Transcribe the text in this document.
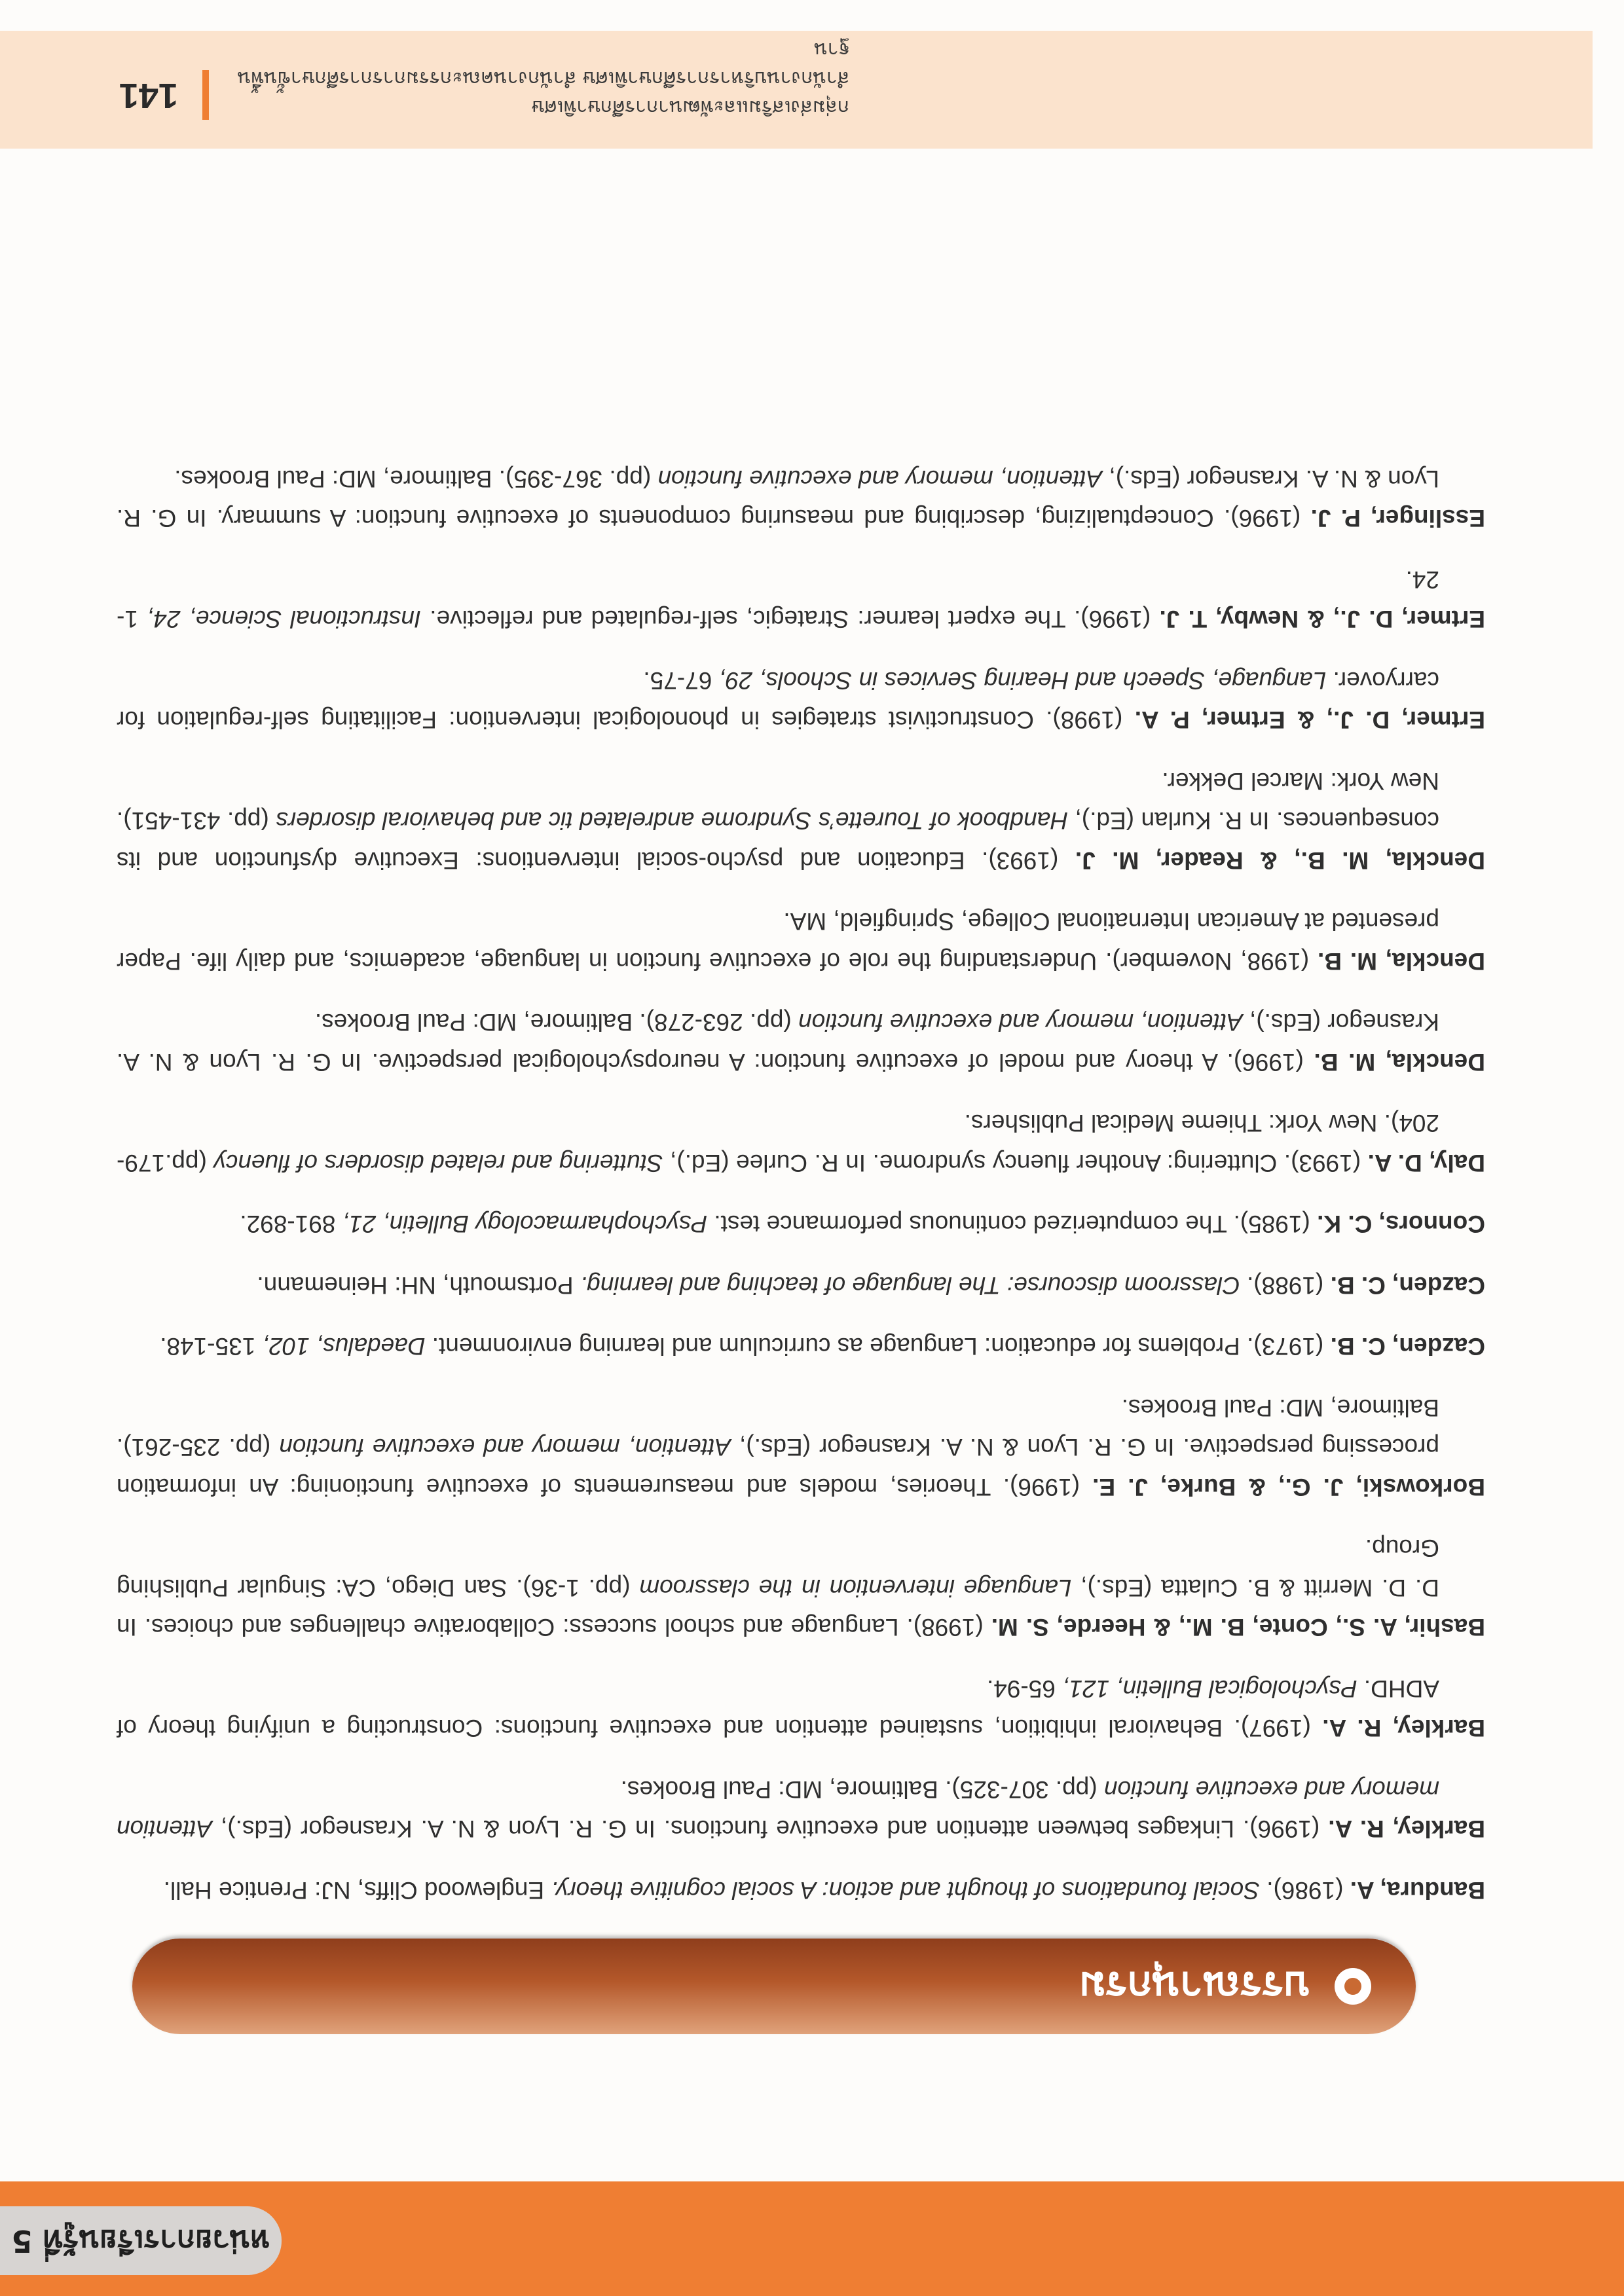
หน่วยการเรียนรู้ที่ 5
บรรณานุกรม

Bandura, A. (1986). Social foundations of thought and action: A social cognitive theory. Englewood Cliffs, NJ: Prentice Hall.

Barkley, R. A. (1996). Linkages between attention and executive functions. In G. R. Lyon & N. A. Krasnegor (Eds.), Attention memory and executive function (pp. 307-325). Baltimore, MD: Paul Brookes.

Barkley, R. A. (1997). Behavioral inhibition, sustained attention and executive functions: Constructing a unifying theory of ADHD. Psychological Bulletin, 121, 65-94.

Bashir, A. S., Conte, B. M., & Heerde, S. M. (1998). Language and school success: Collaborative challenges and choices. In D. D. Merritt & B. Culatta (Eds.), Language intervention in the classroom (pp. 1-36). San Diego, CA: Singular Publishing Group.

Borkowski, J. G., & Burke, J. E. (1996). Theories, models and measurements of executive functioning: An information processing perspective. In G. R. Lyon & N. A. Krasnegor (Eds.), Attention, memory and executive function (pp. 235-261). Baltimore, MD: Paul Brookes.

Cazden, C. B. (1973). Problems for education: Language as curriculum and learning environment. Daedalus, 102, 135-148.

Cazden, C. B. (1988). Classroom discourse: The language of teaching and learning. Portsmouth, NH: Heinemann.

Connors, C. K. (1985). The computerized continuous performance test. Psychopharmacology Bulletin, 21, 891-892.

Daly, D. A. (1993). Cluttering: Another fluency syndrome. In R. Curlee (Ed.), Stuttering and related disorders of fluency (pp.179-204). New York: Thieme Medical Publishers.

Denckla, M. B. (1996). A theory and model of executive function: A neuropsychological perspective. In G. R. Lyon & N. A. Krasnegor (Eds.), Attention, memory and executive function (pp. 263-278). Baltimore, MD: Paul Brookes.

Denckla, M. B. (1998, November). Understanding the role of executive function in language, academics, and daily life. Paper presented at American International College, Springfield, MA.

Denckla, M. B., & Reader, M. J. (1993). Education and psycho-social interventions: Executive dysfunction and its consequences. In R. Kurlan (Ed.), Handbook of Tourette’s Syndrome andrelated tic and behavioral disorders (pp. 431-451). New York: Marcel Dekker.

Ertmer, D. J., & Ertmer, P. A. (1998). Constructivist strategies in phonological intervention: Facilitating self-regulation for carryover. Language, Speech and Hearing Services in Schools, 29, 67-75.

Ertmer, D. J., & Newby, T. J. (1996). The expert learner: Strategic, self-regulated and reflective. Instructional Science, 24, 1-24.

Esslinger, P. J. (1996). Conceptualizing, describing and measuring components of executive function: A summary. In G. R. Lyon & N. A. Krasnegor (Eds.), Attention, memory and executive function (pp. 367-395). Baltimore, MD: Paul Brookes.

กลุ่มส่งเสริมและพัฒนาการศึกษาพิเศษ
สำนักงานบริหารการศึกษาพิเศษ สำนักงานคณะกรรมการการศึกษาขั้นพื้นฐาน
141
